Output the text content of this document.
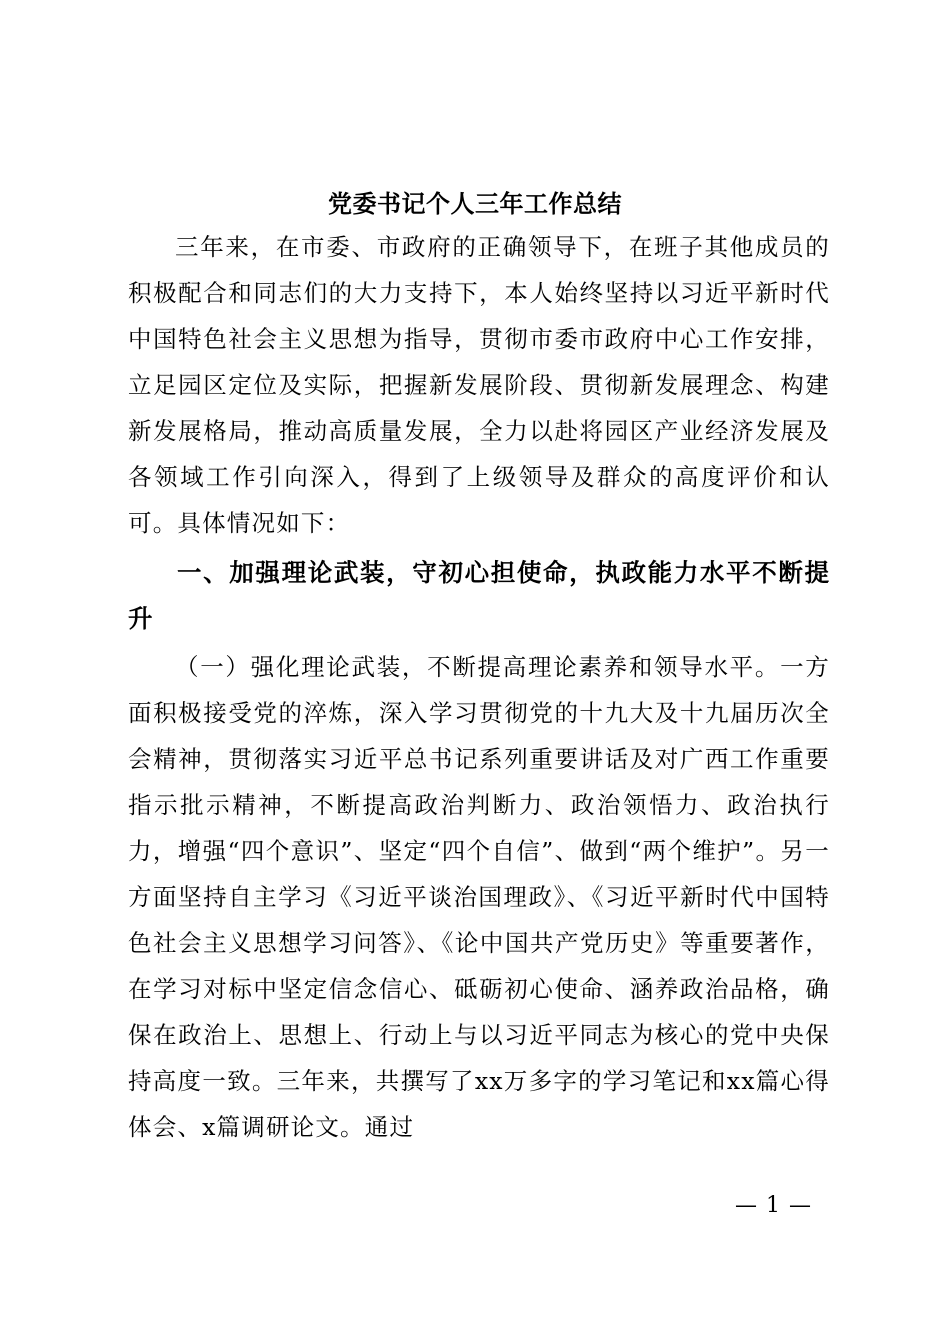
党委书记个人三年工作总结

三年来，在市委、市政府的正确领导下，在班子其他成员的积极配合和同志们的大力支持下，本人始终坚持以习近平新时代中国特色社会主义思想为指导，贯彻市委市政府中心工作安排，立足园区定位及实际，把握新发展阶段、贯彻新发展理念、构建新发展格局，推动高质量发展，全力以赴将园区产业经济发展及各领域工作引向深入，得到了上级领导及群众的高度评价和认可。具体情况如下：

一、加强理论武装，守初心担使命，执政能力水平不断提升

（一）强化理论武装，不断提高理论素养和领导水平。一方面积极接受党的淬炼，深入学习贯彻党的十九大及十九届历次全会精神，贯彻落实习近平总书记系列重要讲话及对广西工作重要指示批示精神，不断提高政治判断力、政治领悟力、政治执行力，增强“四个意识”、坚定“四个自信”、做到“两个维护”。另一方面坚持自主学习《习近平谈治国理政》、《习近平新时代中国特色社会主义思想学习问答》、《论中国共产党历史》等重要著作，在学习对标中坚定信念信心、砥砺初心使命、涵养政治品格，确保在政治上、思想上、行动上与以习近平同志为核心的党中央保持高度一致。三年来，共撰写了xx万多字的学习笔记和xx篇心得体会、x篇调研论文。通过

— 1 —
